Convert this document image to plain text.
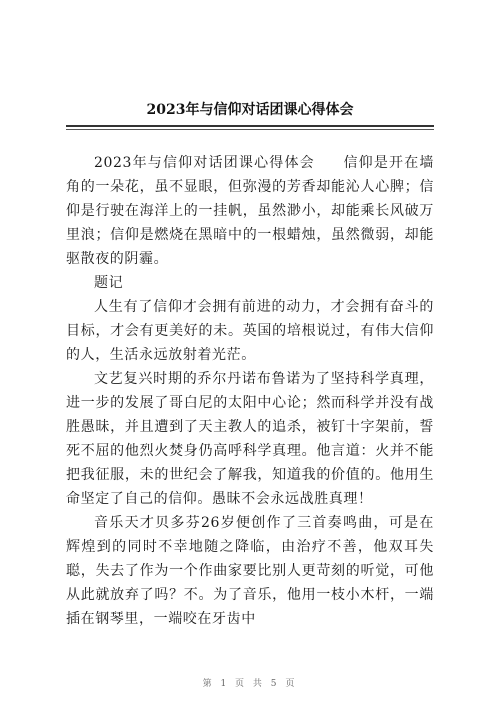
2023年与信仰对话团课心得体会

2023年与信仰对话团课心得体会 信仰是开在墙角的一朵花，虽不显眼，但弥漫的芳香却能沁人心脾；信仰是行驶在海洋上的一挂帆，虽然渺小，却能乘长风破万里浪；信仰是燃烧在黑暗中的一根蜡烛，虽然微弱，却能驱散夜的阴霾。

题记

人生有了信仰才会拥有前进的动力，才会拥有奋斗的目标，才会有更美好的未。英国的培根说过，有伟大信仰的人，生活永远放射着光茫。

文艺复兴时期的乔尔丹诺布鲁诺为了坚持科学真理，进一步的发展了哥白尼的太阳中心论；然而科学并没有战胜愚昧，并且遭到了天主教人的追杀，被钉十字架前，誓死不屈的他烈火焚身仍高呼科学真理。他言道：火并不能把我征服，未的世纪会了解我，知道我的价值的。他用生命坚定了自己的信仰。愚昧不会永远战胜真理！

音乐天才贝多芬26岁便创作了三首奏鸣曲，可是在辉煌到的同时不幸地随之降临，由治疗不善，他双耳失聪，失去了作为一个作曲家要比别人更苛刻的听觉，可他从此就放弃了吗？不。为了音乐，他用一枝小木杆，一端插在钢琴里，一端咬在牙齿中

第 1 页 共 5 页
